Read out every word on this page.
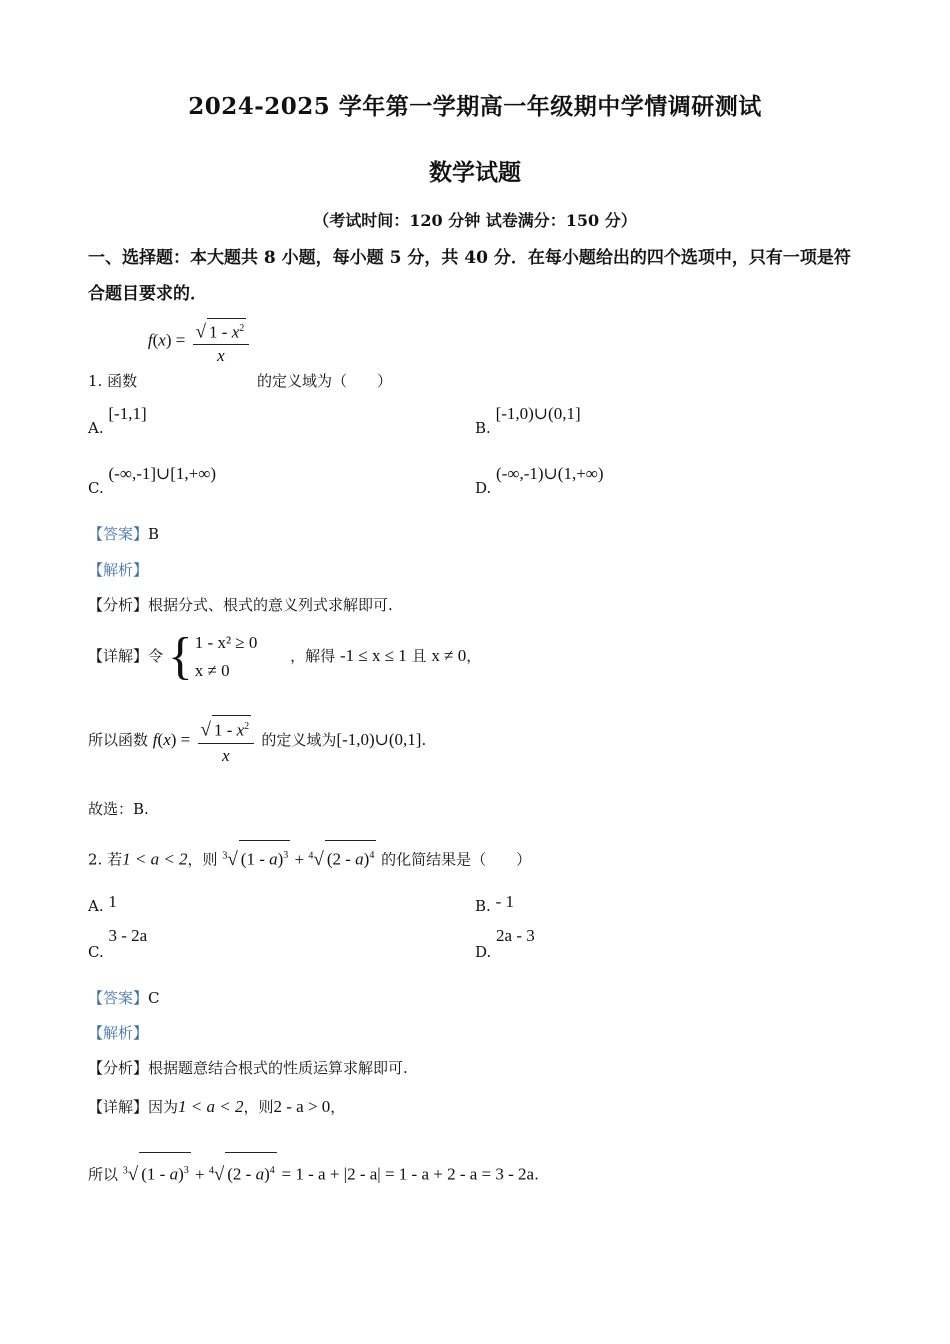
2024-2025 学年第一学期高一年级期中学情调研测试
数学试题
（考试时间：120 分钟 试卷满分：150 分）
一、选择题：本大题共 8 小题，每小题 5 分，共 40 分．在每小题给出的四个选项中，只有一项是符合题目要求的．
1. 函数 $f(x) = \frac{√ 1 - x^2}{x}$
的定义域为（　　）
A. [-1,1]
B. [-1,0)∪(0,1]
C. (-∞,-1]∪[1,+∞)
D. (-∞,-1)∪(1,+∞)
【答案】B
【解析】
【分析】根据分式、根式的意义列式求解即可.
【详解】令 { 1 - x² ≥ 0
x ≠ 0
，解得 -1 ≤ x ≤ 1 且 x ≠ 0，
所以函数 $f(x) = \frac{√ 1 - x^2}{x}$ 的定义域为[-1,0)∪(0,1].
故选：B.
2. 若1 < a < 2，则 $^3$√ (1 - a)$^3$ + $^4$√ (2 - a)$^4$ 的化简结果是（　　）
A. 1	B. - 1
C. 3 - 2a
D. 2a - 3
【答案】C
【解析】
【分析】根据题意结合根式的性质运算求解即可.
【详解】因为1 < a < 2，则2 - a > 0，
所以 $^3$√ (1 - a)$^3$ + $^4$√ (2 - a)$^4$ = 1 - a + |2 - a| = 1 - a + 2 - a = 3 - 2a.
